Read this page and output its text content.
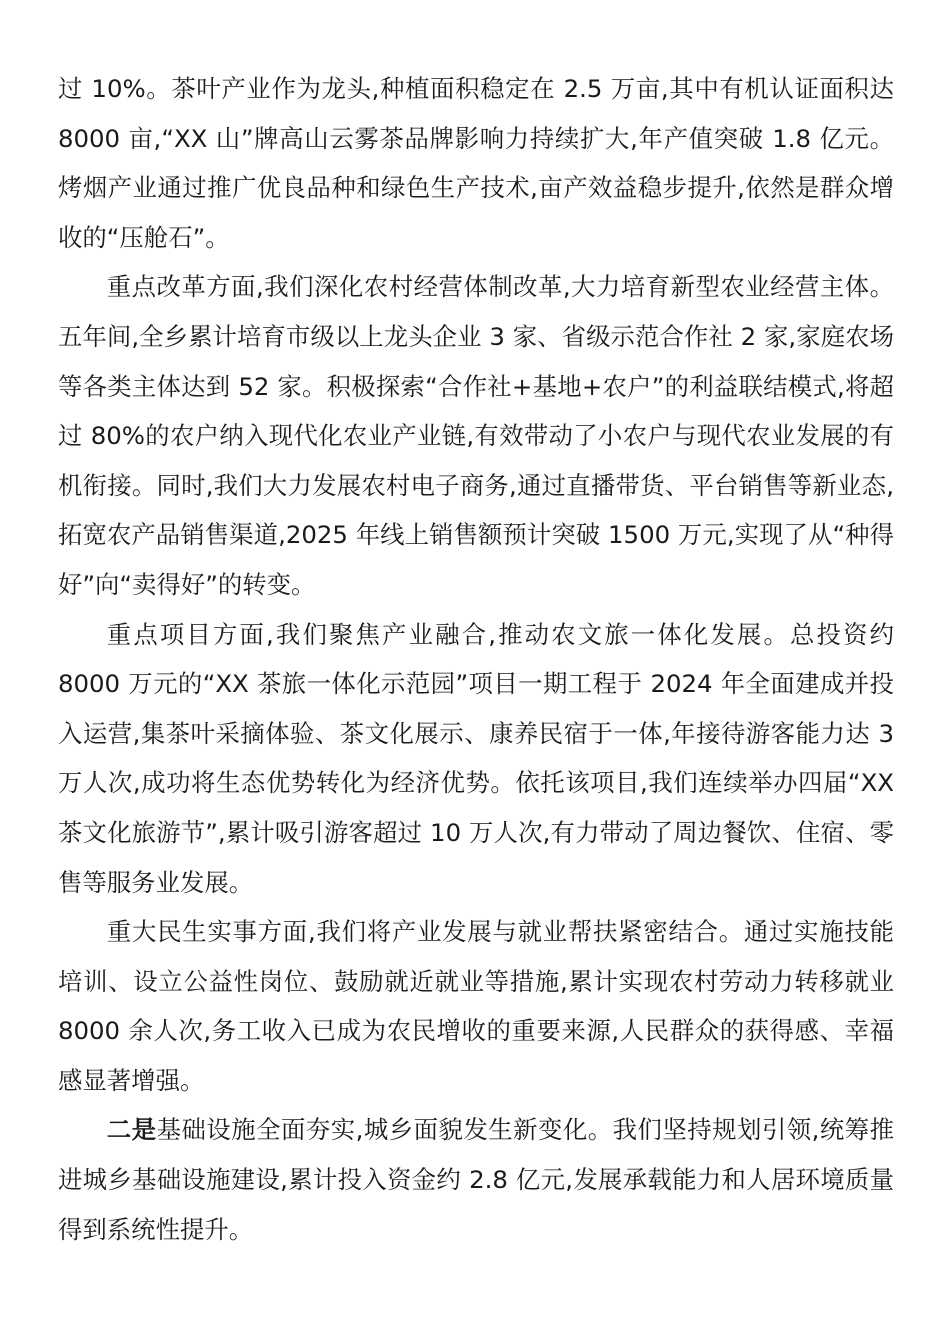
过 10%。茶叶产业作为龙头,种植面积稳定在 2.5 万亩,其中有机认证面积达 8000 亩,“XX 山”牌高山云雾茶品牌影响力持续扩大,年产值突破 1.8 亿元。烤烟产业通过推广优良品种和绿色生产技术,亩产效益稳步提升,依然是群众增收的“压舱石”。

重点改革方面,我们深化农村经营体制改革,大力培育新型农业经营主体。五年间,全乡累计培育市级以上龙头企业 3 家、省级示范合作社 2 家,家庭农场等各类主体达到 52 家。积极探索“合作社+基地+农户”的利益联结模式,将超过 80%的农户纳入现代化农业产业链,有效带动了小农户与现代农业发展的有机衔接。同时,我们大力发展农村电子商务,通过直播带货、平台销售等新业态,拓宽农产品销售渠道,2025 年线上销售额预计突破 1500 万元,实现了从“种得好”向“卖得好”的转变。

重点项目方面,我们聚焦产业融合,推动农文旅一体化发展。总投资约 8000 万元的“XX 茶旅一体化示范园”项目一期工程于 2024 年全面建成并投入运营,集茶叶采摘体验、茶文化展示、康养民宿于一体,年接待游客能力达 3 万人次,成功将生态优势转化为经济优势。依托该项目,我们连续举办四届“XX 茶文化旅游节”,累计吸引游客超过 10 万人次,有力带动了周边餐饮、住宿、零售等服务业发展。

重大民生实事方面,我们将产业发展与就业帮扶紧密结合。通过实施技能培训、设立公益性岗位、鼓励就近就业等措施,累计实现农村劳动力转移就业 8000 余人次,务工收入已成为农民增收的重要来源,人民群众的获得感、幸福感显著增强。

二是基础设施全面夯实,城乡面貌发生新变化。我们坚持规划引领,统筹推进城乡基础设施建设,累计投入资金约 2.8 亿元,发展承载能力和人居环境质量得到系统性提升。
